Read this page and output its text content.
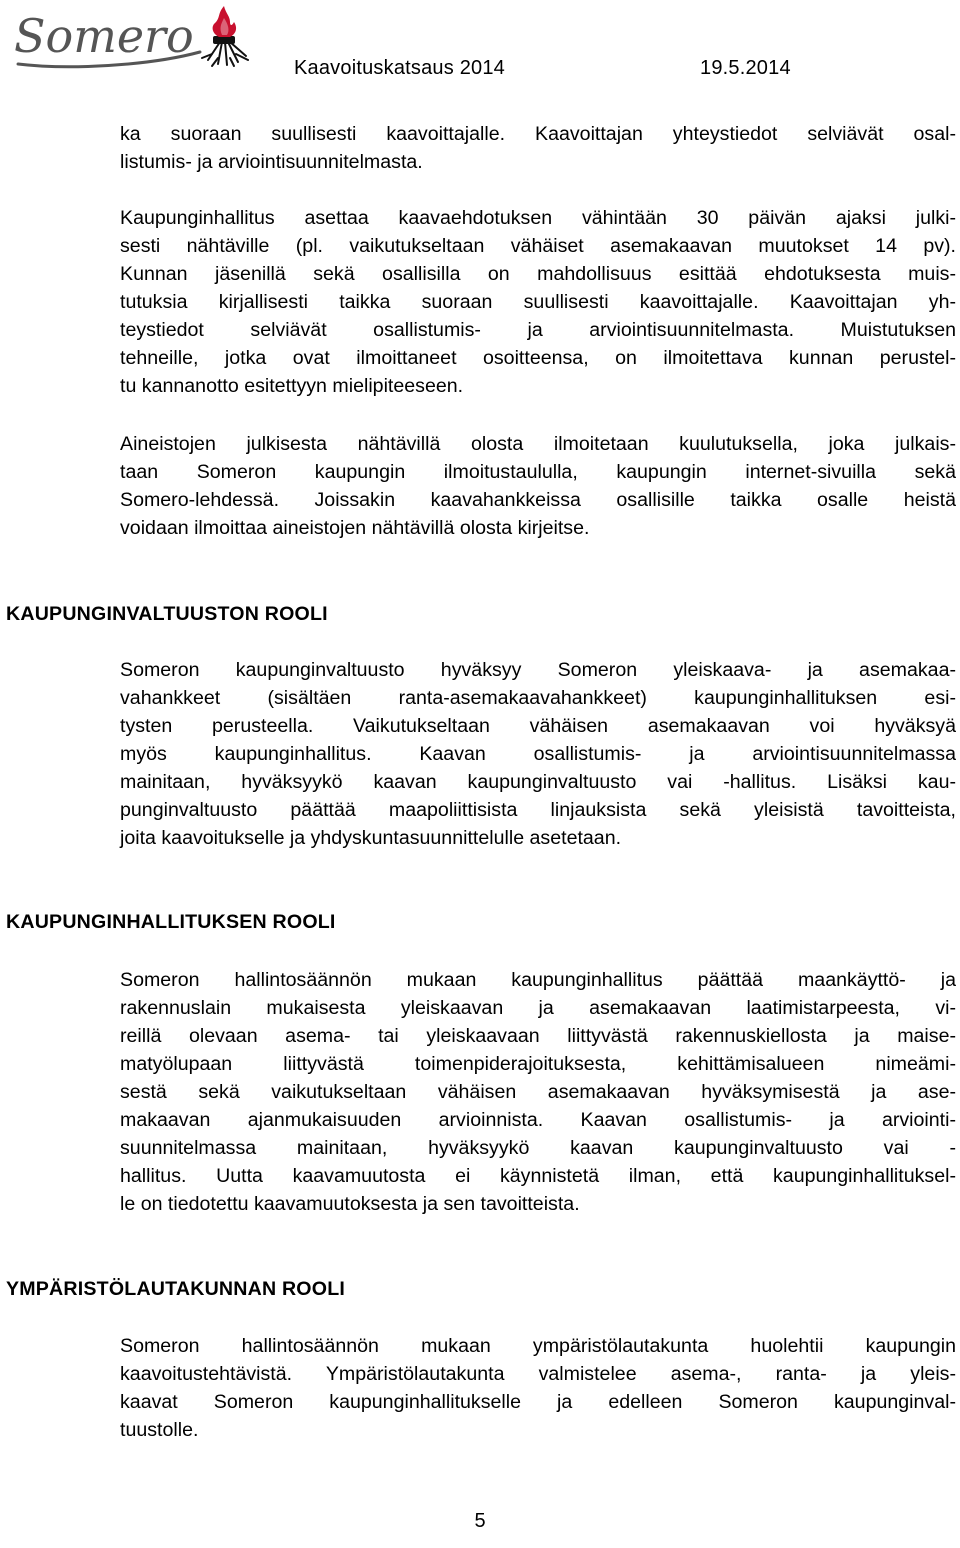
Somero
Kaavoituskatsaus 2014	19.5.2014

ka suoraan suullisesti kaavoittajalle. Kaavoittajan yhteystiedot selviävät osal-
listumis- ja arviointisuunnitelmasta.

Kaupunginhallitus asettaa kaavaehdotuksen vähintään 30 päivän ajaksi julki-
sesti nähtäville (pl. vaikutukseltaan vähäiset asemakaavan muutokset 14 pv).
Kunnan jäsenillä sekä osallisilla on mahdollisuus esittää ehdotuksesta muis-
tutuksia kirjallisesti taikka suoraan suullisesti kaavoittajalle. Kaavoittajan yh-
teystiedot selviävät osallistumis- ja arviointisuunnitelmasta. Muistutuksen
tehneille, jotka ovat ilmoittaneet osoitteensa, on ilmoitettava kunnan perustel-
tu kannanotto esitettyyn mielipiteeseen.

Aineistojen julkisesta nähtävillä olosta ilmoitetaan kuulutuksella, joka julkais-
taan Someron kaupungin ilmoitustaululla, kaupungin internet-sivuilla sekä
Somero-lehdessä. Joissakin kaavahankkeissa osallisille taikka osalle heistä
voidaan ilmoittaa aineistojen nähtävillä olosta kirjeitse.

KAUPUNGINVALTUUSTON ROOLI

Someron kaupunginvaltuusto hyväksyy Someron yleiskaava- ja asemakaa-
vahankkeet (sisältäen ranta-asemakaavahankkeet) kaupunginhallituksen esi-
tysten perusteella. Vaikutukseltaan vähäisen asemakaavan voi hyväksyä
myös kaupunginhallitus. Kaavan osallistumis- ja arviointisuunnitelmassa
mainitaan, hyväksyykö kaavan kaupunginvaltuusto vai -hallitus. Lisäksi kau-
punginvaltuusto päättää maapoliittisista linjauksista sekä yleisistä tavoitteista,
joita kaavoitukselle ja yhdyskuntasuunnittelulle asetetaan.

KAUPUNGINHALLITUKSEN ROOLI

Someron hallintosäännön mukaan kaupunginhallitus päättää maankäyttö- ja
rakennuslain mukaisesta yleiskaavan ja asemakaavan laatimistarpeesta, vi-
reillä olevaan asema- tai yleiskaavaan liittyvästä rakennuskiellosta ja maise-
matyölupaan liittyvästä toimenpiderajoituksesta, kehittämisalueen nimeämi-
sestä sekä vaikutukseltaan vähäisen asemakaavan hyväksymisestä ja ase-
makaavan ajanmukaisuuden arvioinnista. Kaavan osallistumis- ja arviointi-
suunnitelmassa mainitaan, hyväksyykö kaavan kaupunginvaltuusto vai -
hallitus. Uutta kaavamuutosta ei käynnistetä ilman, että kaupunginhallituksel-
le on tiedotettu kaavamuutoksesta ja sen tavoitteista.

YMPÄRISTÖLAUTAKUNNAN ROOLI

Someron hallintosäännön mukaan ympäristölautakunta huolehtii kaupungin
kaavoitustehtävistä. Ympäristölautakunta valmistelee asema-, ranta- ja yleis-
kaavat Someron kaupunginhallitukselle ja edelleen Someron kaupunginval-
tuustolle.

5
